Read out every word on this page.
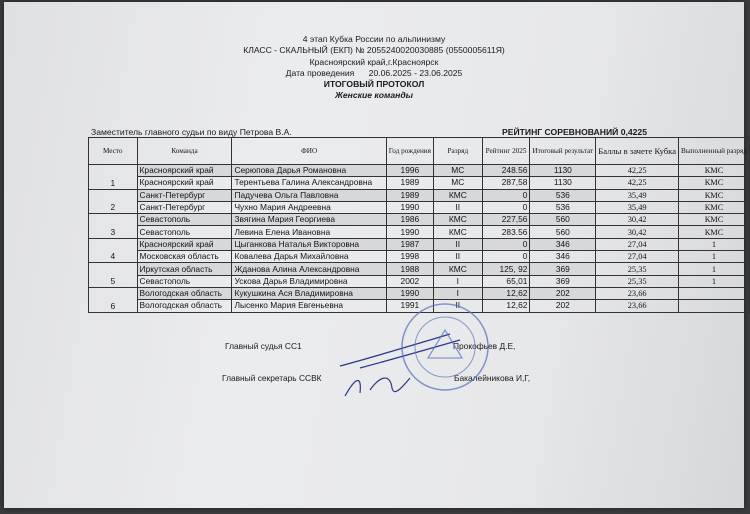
4 этап Кубка России по альпинизму
КЛАСС - СКАЛЬНЫЙ (ЕКП) № 2055240020030885 (0550005611Я)
Красноярский край,г.Красноярск
Дата проведения 20.06.2025 - 23.06.2025
ИТОГОВЫЙ ПРОТОКОЛ
Женские команды
Заместитель главного судьи по виду Петрова В.А.	РЕЙТИНГ СОРЕВНОВАНИЙ 0,4225
Место	Команда	ФИО	Год рождения	Разряд	Рейтинг 2025	Итоговый результат	Баллы в зачете Кубка	Выполненный разряд
1	Красноярский край	Серюпова Дарья Романовна	1996	МС	248.56	1130	42,25	КМС
	Красноярский край	Терентьева Галина Александровна	1989	МС	287,58	1130	42,25	КМС
2	Санкт-Петербург	Падучева Ольга Павловна	1989	КМС	0	536	35,49	КМС
	Санкт-Петербург	Чухно Мария Андреевна	1990	II	0	536	35,49	КМС
3	Севастополь	Звягина Мария Георгиева	1986	КМС	227,56	560	30,42	КМС
	Севастополь	Левина Елена Ивановна	1990	КМС	283.56	560	30,42	КМС
4	Красноярский край	Цыганкова Наталья Викторовна	1987	II	0	346	27,04	1
	Московская область	Ковалева Дарья Михайловна	1998	II	0	346	27,04	1
5	Иркутская область	Жданова Алина Александровна	1988	КМС	125, 92	369	25,35	1
	Севастополь	Ускова Дарья Владимировна	2002	I	65,01	369	25,35	1
6	Вологодская область	Кукушкина Ася Владимировна	1990	I	12,62	202	23,66	
	Вологодская область	Лысенко Мария Евгеньевна	1991	II	12,62	202	23,66	
Главный судья СС1	Прокофьев Д.Е,
Главный секретарь ССВК	Бакалейникова И,Г,
